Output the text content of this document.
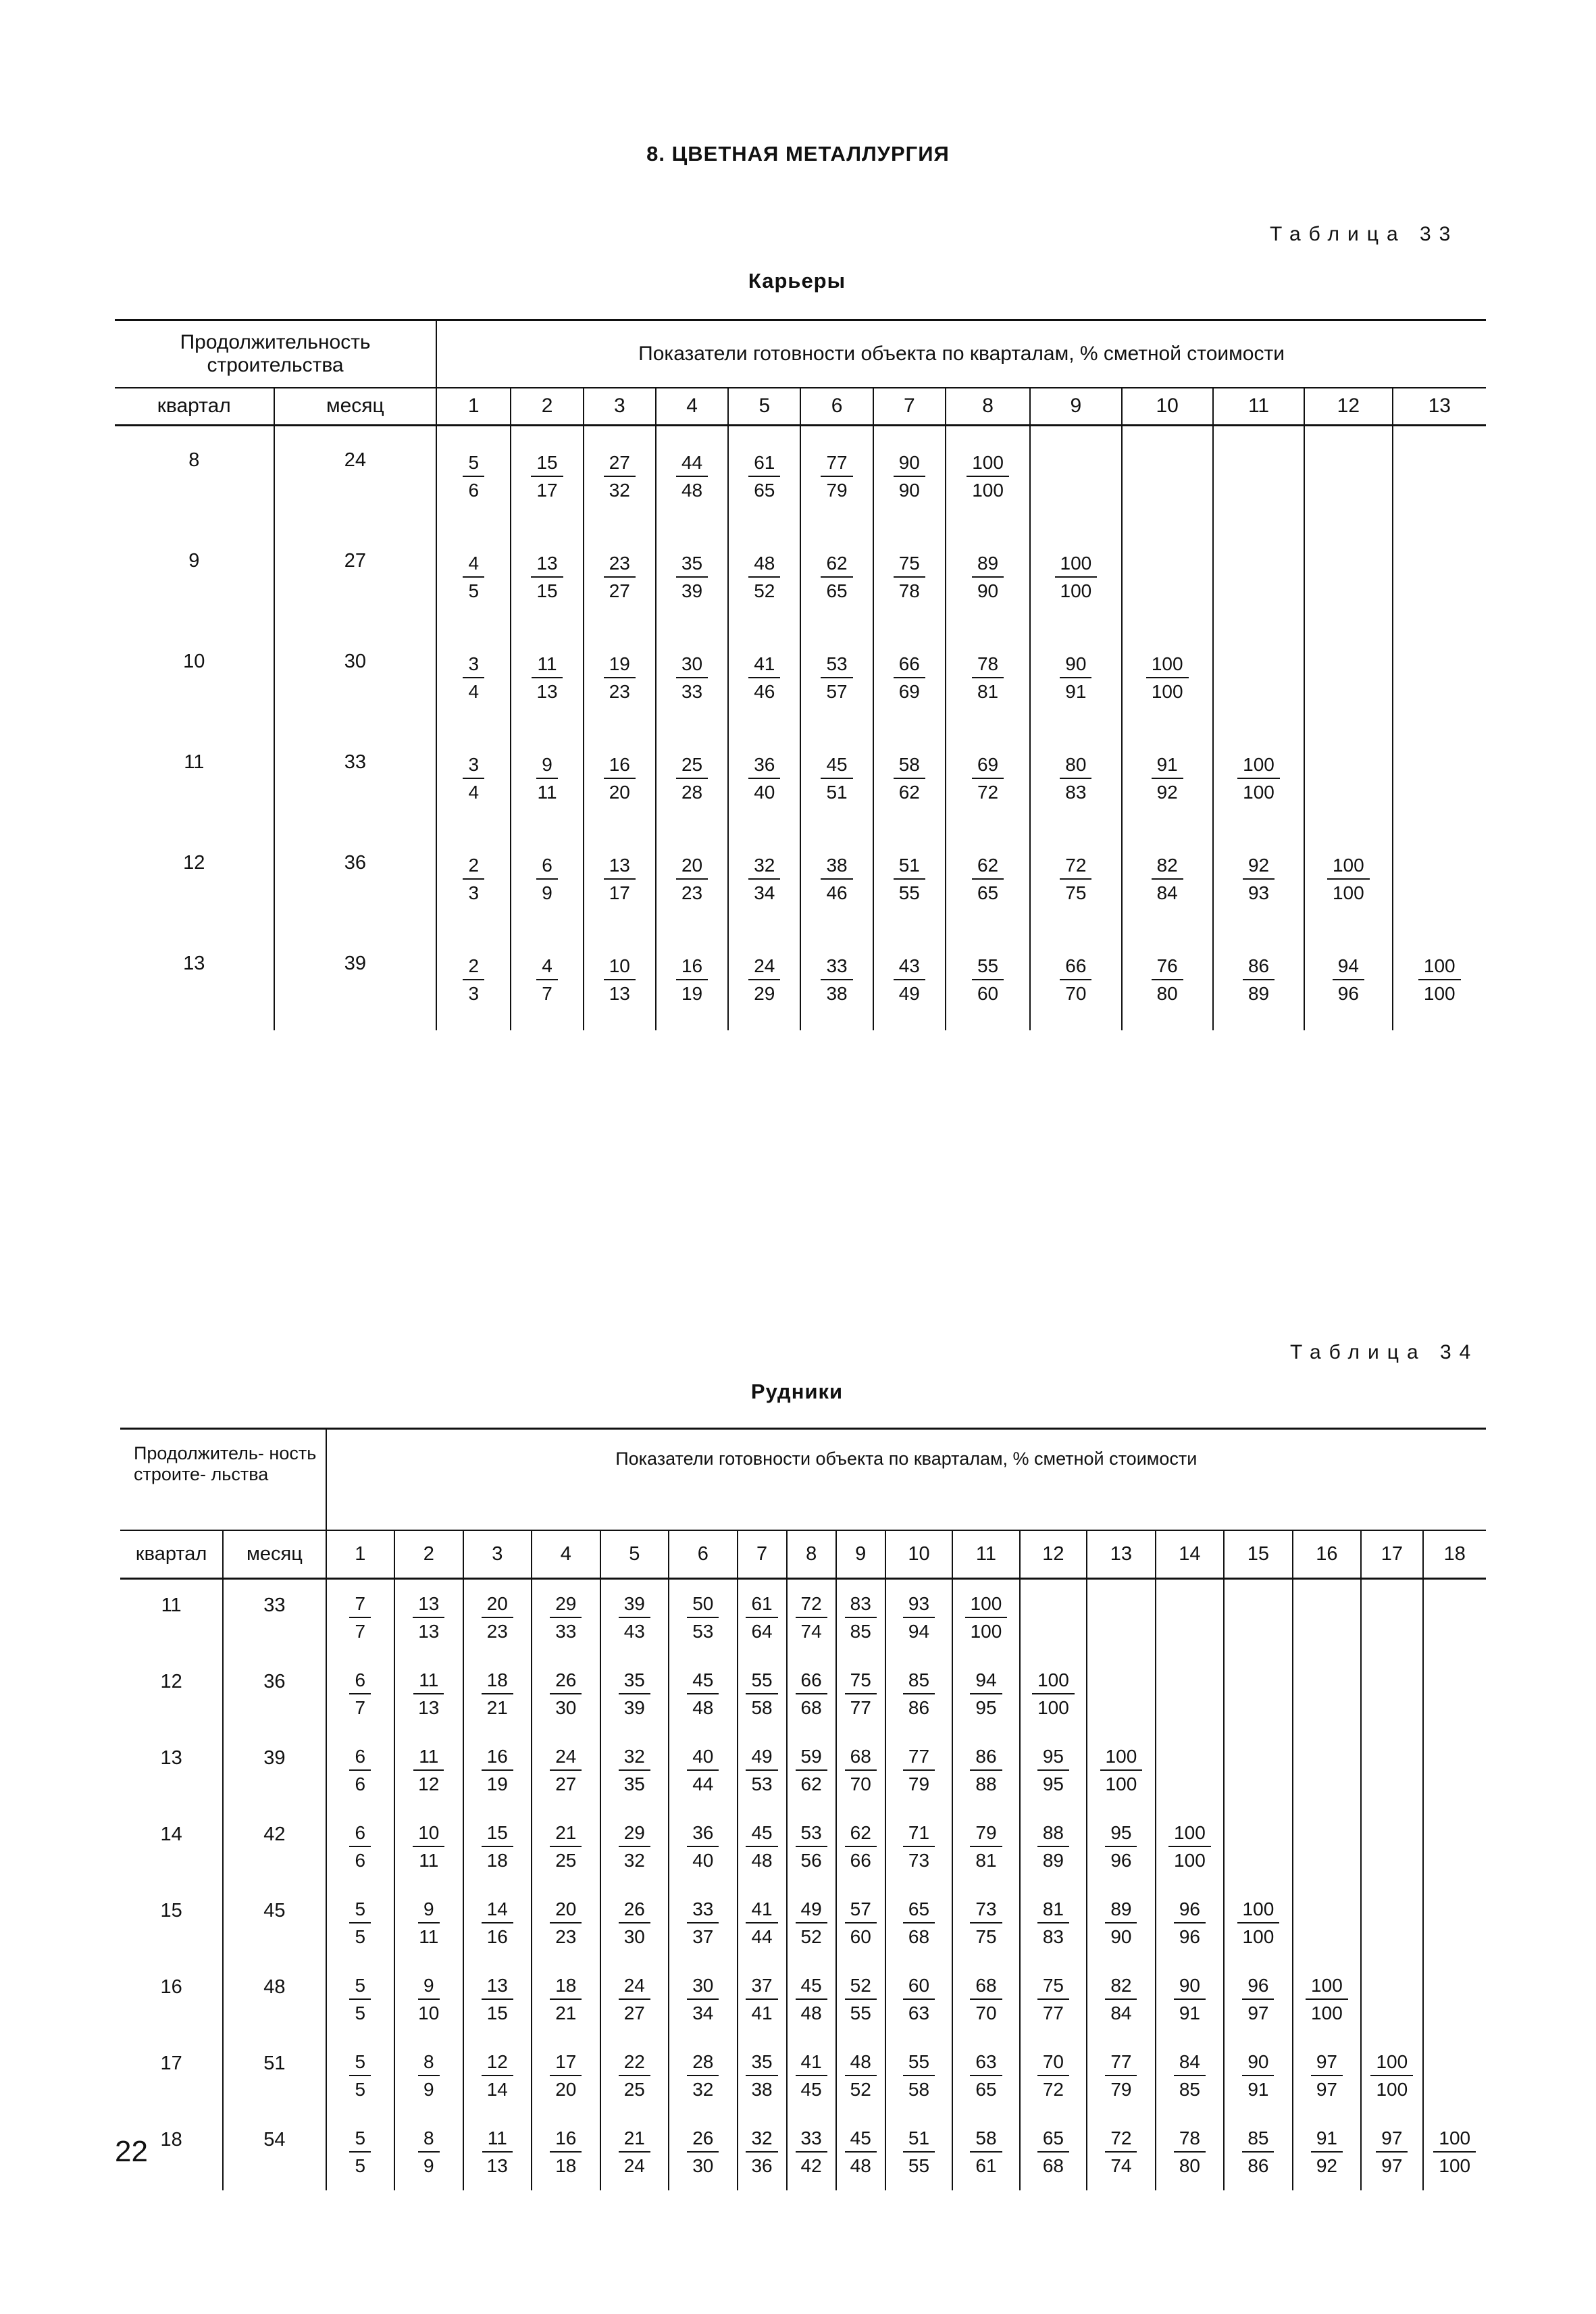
8. ЦВЕТНАЯ МЕТАЛЛУРГИЯ
Таблица 33
Карьеры
Продолжительность строительства		Показатели готовности объекта по кварталам, % сметной стоимости												
квартал	месяц	1	2	3	4	5	6	7	8	9	10	11	12	13
8	24	$\frac{5}{6}$	$\frac{15}{17}$	$\frac{27}{32}$	$\frac{44}{48}$	$\frac{61}{65}$	$\frac{77}{79}$	$\frac{90}{90}$	$\frac{100}{100}$

9	27	$\frac{4}{5}$	$\frac{13}{15}$	$\frac{23}{27}$	$\frac{35}{39}$	$\frac{48}{52}$	$\frac{62}{65}$	$\frac{75}{78}$	$\frac{89}{90}$	$\frac{100}{100}$

10	30	$\frac{3}{4}$	$\frac{11}{13}$	$\frac{19}{23}$	$\frac{30}{33}$	$\frac{41}{46}$	$\frac{53}{57}$	$\frac{66}{69}$	$\frac{78}{81}$	$\frac{90}{91}$	$\frac{100}{100}$

11	33	$\frac{3}{4}$	$\frac{9}{11}$	$\frac{16}{20}$	$\frac{25}{28}$	$\frac{36}{40}$	$\frac{45}{51}$	$\frac{58}{62}$	$\frac{69}{72}$	$\frac{80}{83}$	$\frac{91}{92}$	$\frac{100}{100}$

12	36	$\frac{2}{3}$	$\frac{6}{9}$	$\frac{13}{17}$	$\frac{20}{23}$	$\frac{32}{34}$	$\frac{38}{46}$	$\frac{51}{55}$	$\frac{62}{65}$	$\frac{72}{75}$	$\frac{82}{84}$	$\frac{92}{93}$	$\frac{100}{100}$

13	39	$\frac{2}{3}$	$\frac{4}{7}$	$\frac{10}{13}$	$\frac{16}{19}$	$\frac{24}{29}$	$\frac{33}{38}$	$\frac{43}{49}$	$\frac{55}{60}$	$\frac{66}{70}$	$\frac{76}{80}$	$\frac{86}{89}$	$\frac{94}{96}$	$\frac{100}{100}$
Таблица 34
Рудники
Продолжитель- ность строите- льства		Показатели готовности объекта по кварталам, % сметной стоимости																	
квартал	месяц	1	2	3	4	5	6	7	8	9	10	11	12	13	14	15	16	17	18
11	33	$\frac{7}{7}$	$\frac{13}{13}$	$\frac{20}{23}$	$\frac{29}{33}$	$\frac{39}{43}$	$\frac{50}{53}$	$\frac{61}{64}$	$\frac{72}{74}$	$\frac{83}{85}$	$\frac{93}{94}$	$\frac{100}{100}$

12	36	$\frac{6}{7}$	$\frac{11}{13}$	$\frac{18}{21}$	$\frac{26}{30}$	$\frac{35}{39}$	$\frac{45}{48}$	$\frac{55}{58}$	$\frac{66}{68}$	$\frac{75}{77}$	$\frac{85}{86}$	$\frac{94}{95}$	$\frac{100}{100}$

13	39	$\frac{6}{6}$	$\frac{11}{12}$	$\frac{16}{19}$	$\frac{24}{27}$	$\frac{32}{35}$	$\frac{40}{44}$	$\frac{49}{53}$	$\frac{59}{62}$	$\frac{68}{70}$	$\frac{77}{79}$	$\frac{86}{88}$	$\frac{95}{95}$	$\frac{100}{100}$

14	42	$\frac{6}{6}$	$\frac{10}{11}$	$\frac{15}{18}$	$\frac{21}{25}$	$\frac{29}{32}$	$\frac{36}{40}$	$\frac{45}{48}$	$\frac{53}{56}$	$\frac{62}{66}$	$\frac{71}{73}$	$\frac{79}{81}$	$\frac{88}{89}$	$\frac{95}{96}$	$\frac{100}{100}$

15	45	$\frac{5}{5}$	$\frac{9}{11}$	$\frac{14}{16}$	$\frac{20}{23}$	$\frac{26}{30}$	$\frac{33}{37}$	$\frac{41}{44}$	$\frac{49}{52}$	$\frac{57}{60}$	$\frac{65}{68}$	$\frac{73}{75}$	$\frac{81}{83}$	$\frac{89}{90}$	$\frac{96}{96}$	$\frac{100}{100}$

16	48	$\frac{5}{5}$	$\frac{9}{10}$	$\frac{13}{15}$	$\frac{18}{21}$	$\frac{24}{27}$	$\frac{30}{34}$	$\frac{37}{41}$	$\frac{45}{48}$	$\frac{52}{55}$	$\frac{60}{63}$	$\frac{68}{70}$	$\frac{75}{77}$	$\frac{82}{84}$	$\frac{90}{91}$	$\frac{96}{97}$	$\frac{100}{100}$

17	51	$\frac{5}{5}$	$\frac{8}{9}$	$\frac{12}{14}$	$\frac{17}{20}$	$\frac{22}{25}$	$\frac{28}{32}$	$\frac{35}{38}$	$\frac{41}{45}$	$\frac{48}{52}$	$\frac{55}{58}$	$\frac{63}{65}$	$\frac{70}{72}$	$\frac{77}{79}$	$\frac{84}{85}$	$\frac{90}{91}$	$\frac{97}{97}$	$\frac{100}{100}$

18	54	$\frac{5}{5}$	$\frac{8}{9}$	$\frac{11}{13}$	$\frac{16}{18}$	$\frac{21}{24}$	$\frac{26}{30}$	$\frac{32}{36}$	$\frac{33}{42}$	$\frac{45}{48}$	$\frac{51}{55}$	$\frac{58}{61}$	$\frac{65}{68}$	$\frac{72}{74}$	$\frac{78}{80}$	$\frac{85}{86}$	$\frac{91}{92}$	$\frac{97}{97}$	$\frac{100}{100}$
22
